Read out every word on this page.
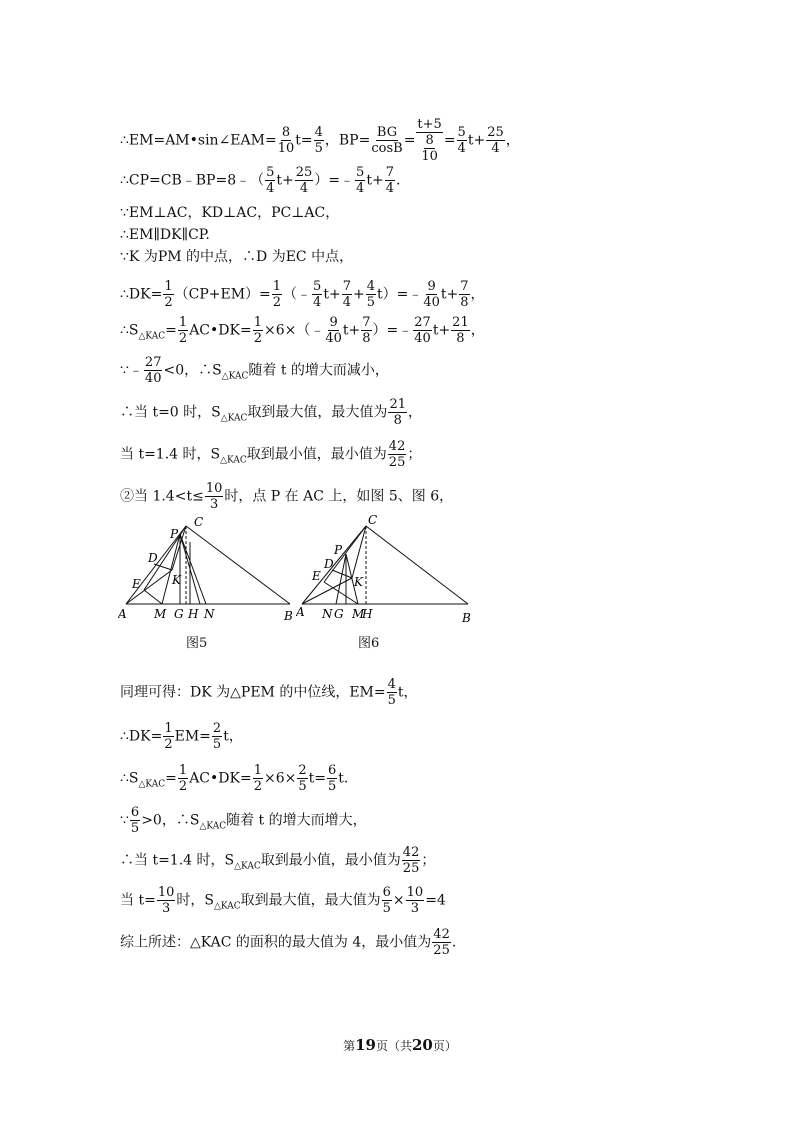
∴EM=AM•sin∠EAM= $\frac{8}{10} t= \frac{4}{5}$ ，$BP= \frac{BG}{\cos B} = \frac{t+5}{\frac{8}{10}} = \frac{5}{4} t+ \frac{25}{4}$ ，
∴CP=CB﹣BP=8﹣（ $\frac{5}{4} t+ \frac{25}{4}$ ）=﹣ $\frac{5}{4} t+ \frac{7}{4}$ .
∵EM⊥AC，KD⊥AC，PC⊥AC，
∴EM∥DK∥CP.
∵K 为PM 的中点，∴D 为EC 中点，
∴DK= $\frac{1}{2} (CP+EM)= \frac{1}{2}$ （﹣ $\frac{5}{4} t+ \frac{7}{4} + \frac{4}{5}$ t）=﹣ $\frac{9}{40} t+ \frac{7}{8}$ ，
$\therefore S_{\triangle KAC}= \frac{1}{2}$ AC•DK= $\frac{1}{2}$ ×6×（﹣ $\frac{9}{40} t+ \frac{7}{8}$ ）=﹣ $\frac{27}{40} t+ \frac{21}{8}$ ，
∵﹣ $\frac{27}{40} <0$，$\therefore S_{\triangle KAC}$随着 t 的增大而减小，
∴当 t=0 时，$S_{\triangle KAC}$取到最大值，最大值为 $\frac{21}{8}$ ，
当 t=1.4 时，$S_{\triangle KAC}$取到最小值，最小值为 $\frac{42}{25}$ ；
②当 $1.4<t\le \frac{10}{3}$ 时，点 P 在 AC 上，如图 5、图 6，
A	B
C
P
D
E	K
M G H N
图5
A	B
C
P
D
E	K
N G M
H
图6
同理可得：DK 为△PEM 的中位线，$EM= \frac{4}{5}$ t，
∴DK= $\frac{1}{2} EM= \frac{2}{5}$ t，
$\therefore S_{\triangle KAC}= \frac{1}{2}$ AC•DK= $\frac{1}{2} \times 6\times \frac{2}{5} t= \frac{6}{5} t$.
∵ $\frac{6}{5} >0$，$\therefore S_{\triangle KAC}$随着 t 的增大而增大，
∴当 t=1.4 时，$S_{\triangle KAC}$取到最小值，最小值为 $\frac{42}{25}$ ；
当 $t= \frac{10}{3}$ 时，$S_{\triangle KAC}$取到最大值，最大值为 $\frac{6}{5} \times \frac{10}{3} =4$
综上所述：△KAC 的面积的最大值为 4，最小值为 $\frac{42}{25}$ .
第19页（共20页）
